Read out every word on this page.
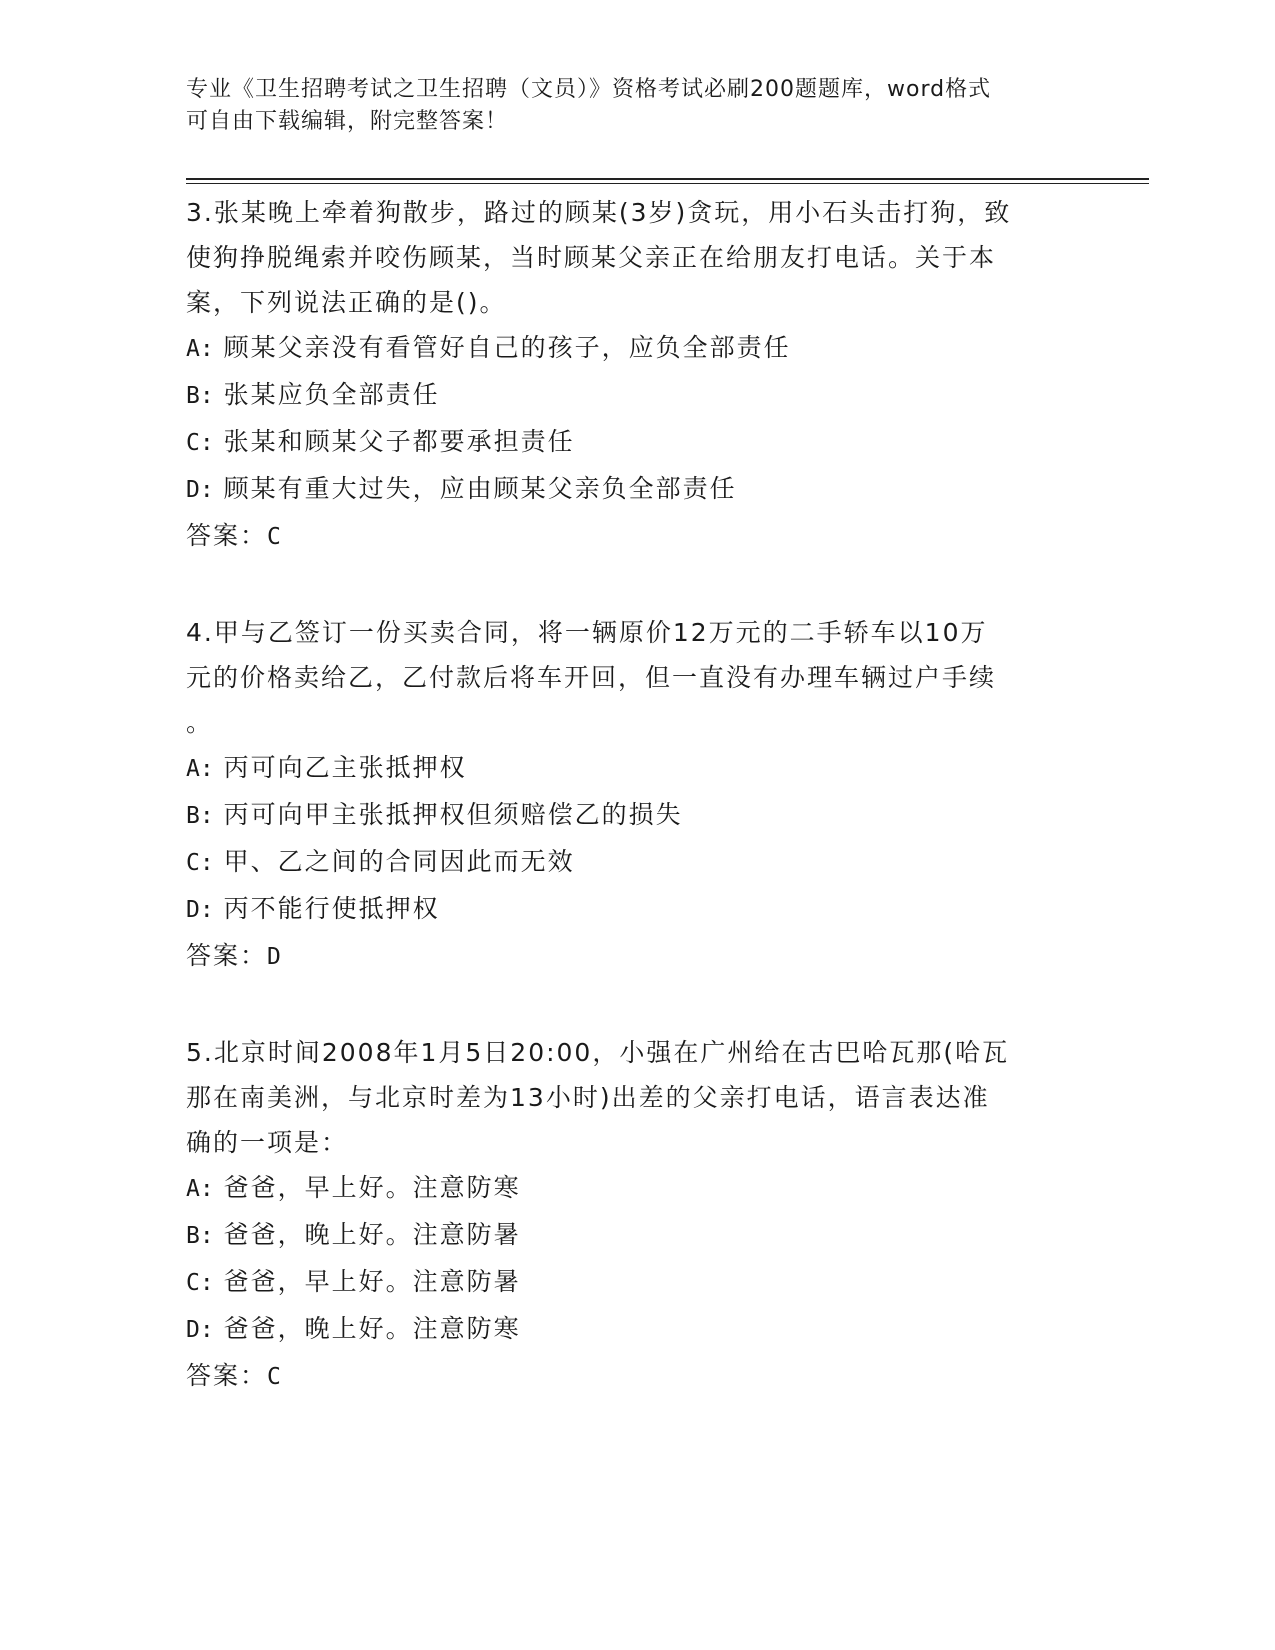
专业《卫生招聘考试之卫生招聘（文员）》资格考试必刷200题题库，word格式
可自由下载编辑，附完整答案！

3.张某晚上牵着狗散步，路过的顾某(3岁)贪玩，用小石头击打狗，致
使狗挣脱绳索并咬伤顾某，当时顾某父亲正在给朋友打电话。关于本
案，下列说法正确的是()。

A: 顾某父亲没有看管好自己的孩子，应负全部责任
B: 张某应负全部责任
C: 张某和顾某父子都要承担责任
D: 顾某有重大过失，应由顾某父亲负全部责任
答案：C

4.甲与乙签订一份买卖合同，将一辆原价12万元的二手轿车以10万
元的价格卖给乙，乙付款后将车开回，但一直没有办理车辆过户手续
。

A: 丙可向乙主张抵押权
B: 丙可向甲主张抵押权但须赔偿乙的损失
C: 甲、乙之间的合同因此而无效
D: 丙不能行使抵押权
答案：D

5.北京时间2008年1月5日20:00，小强在广州给在古巴哈瓦那(哈瓦
那在南美洲，与北京时差为13小时)出差的父亲打电话，语言表达准
确的一项是：

A: 爸爸，早上好。注意防寒
B: 爸爸，晚上好。注意防暑
C: 爸爸，早上好。注意防暑
D: 爸爸，晚上好。注意防寒
答案：C
